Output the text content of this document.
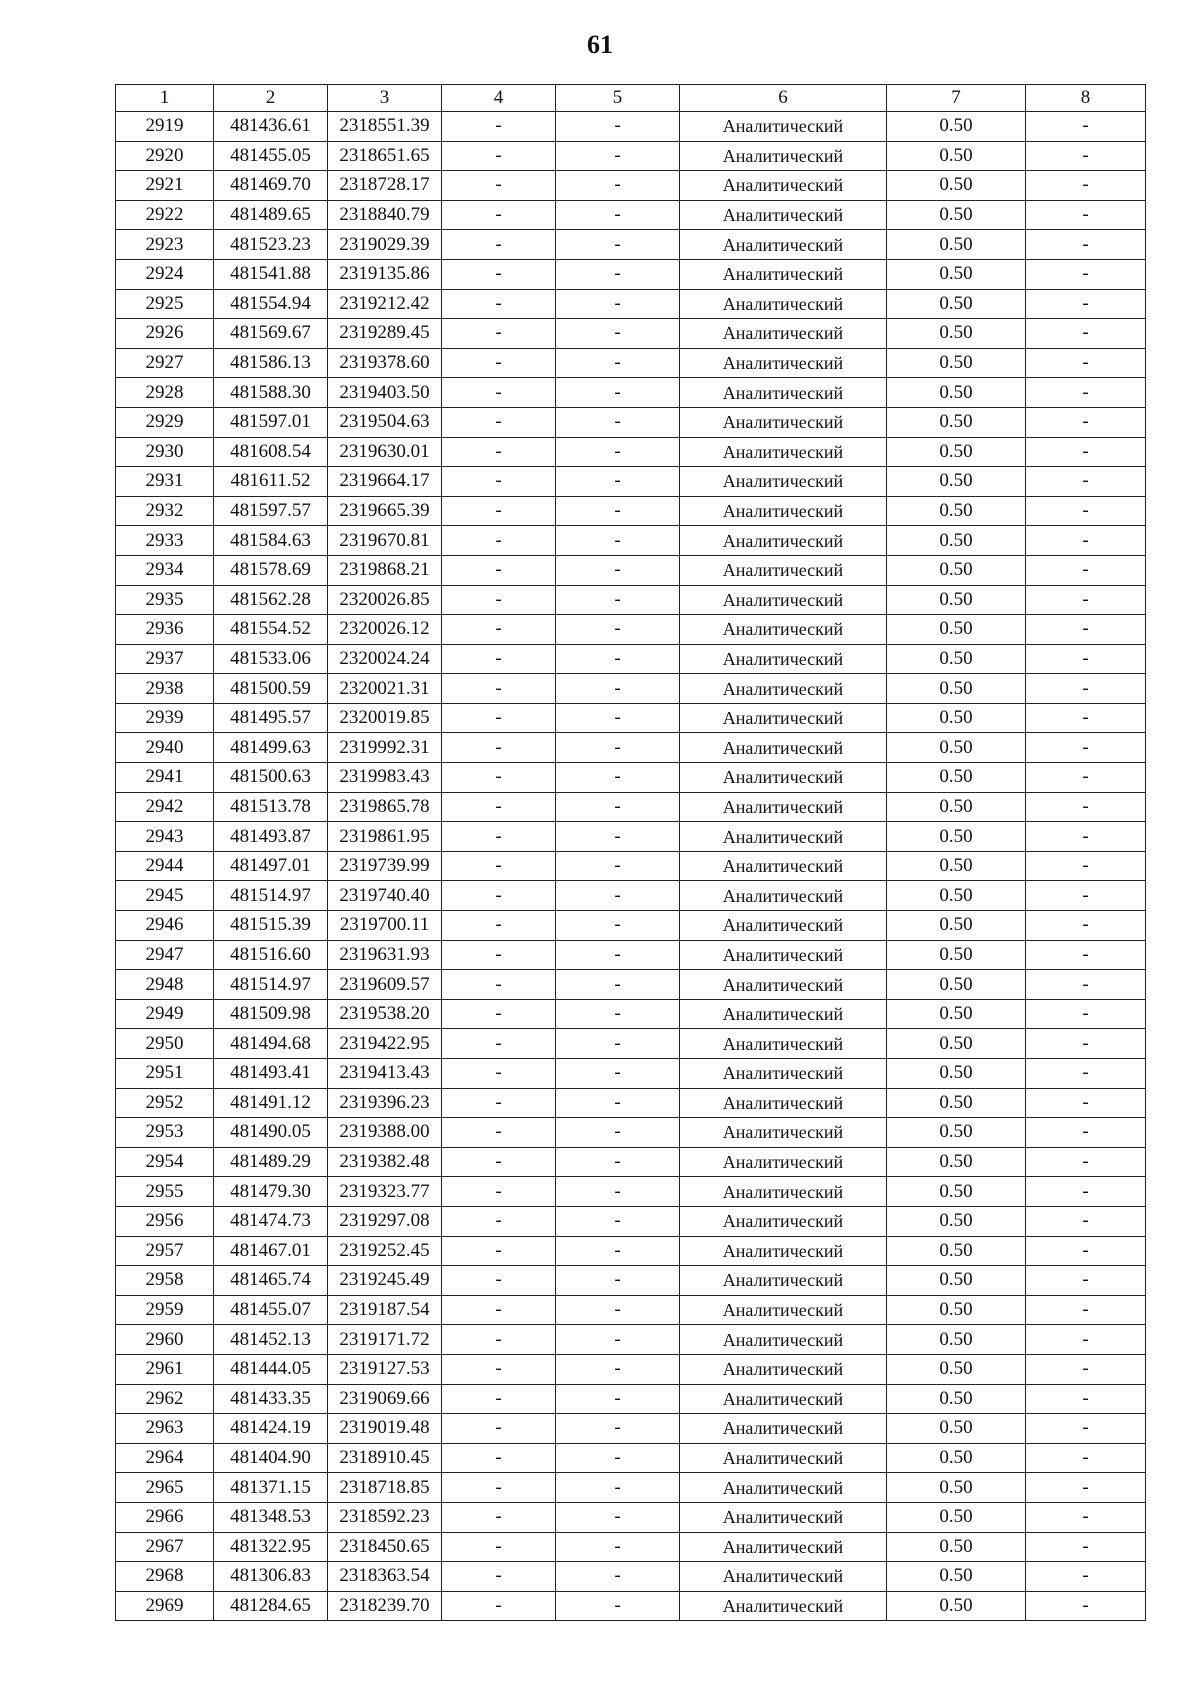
61
1	2	3	4	5	6	7	8
2919	481436.61	2318551.39	-	-	Аналитический	0.50	-
2920	481455.05	2318651.65	-	-	Аналитический	0.50	-
2921	481469.70	2318728.17	-	-	Аналитический	0.50	-
2922	481489.65	2318840.79	-	-	Аналитический	0.50	-
2923	481523.23	2319029.39	-	-	Аналитический	0.50	-
2924	481541.88	2319135.86	-	-	Аналитический	0.50	-
2925	481554.94	2319212.42	-	-	Аналитический	0.50	-
2926	481569.67	2319289.45	-	-	Аналитический	0.50	-
2927	481586.13	2319378.60	-	-	Аналитический	0.50	-
2928	481588.30	2319403.50	-	-	Аналитический	0.50	-
2929	481597.01	2319504.63	-	-	Аналитический	0.50	-
2930	481608.54	2319630.01	-	-	Аналитический	0.50	-
2931	481611.52	2319664.17	-	-	Аналитический	0.50	-
2932	481597.57	2319665.39	-	-	Аналитический	0.50	-
2933	481584.63	2319670.81	-	-	Аналитический	0.50	-
2934	481578.69	2319868.21	-	-	Аналитический	0.50	-
2935	481562.28	2320026.85	-	-	Аналитический	0.50	-
2936	481554.52	2320026.12	-	-	Аналитический	0.50	-
2937	481533.06	2320024.24	-	-	Аналитический	0.50	-
2938	481500.59	2320021.31	-	-	Аналитический	0.50	-
2939	481495.57	2320019.85	-	-	Аналитический	0.50	-
2940	481499.63	2319992.31	-	-	Аналитический	0.50	-
2941	481500.63	2319983.43	-	-	Аналитический	0.50	-
2942	481513.78	2319865.78	-	-	Аналитический	0.50	-
2943	481493.87	2319861.95	-	-	Аналитический	0.50	-
2944	481497.01	2319739.99	-	-	Аналитический	0.50	-
2945	481514.97	2319740.40	-	-	Аналитический	0.50	-
2946	481515.39	2319700.11	-	-	Аналитический	0.50	-
2947	481516.60	2319631.93	-	-	Аналитический	0.50	-
2948	481514.97	2319609.57	-	-	Аналитический	0.50	-
2949	481509.98	2319538.20	-	-	Аналитический	0.50	-
2950	481494.68	2319422.95	-	-	Аналитический	0.50	-
2951	481493.41	2319413.43	-	-	Аналитический	0.50	-
2952	481491.12	2319396.23	-	-	Аналитический	0.50	-
2953	481490.05	2319388.00	-	-	Аналитический	0.50	-
2954	481489.29	2319382.48	-	-	Аналитический	0.50	-
2955	481479.30	2319323.77	-	-	Аналитический	0.50	-
2956	481474.73	2319297.08	-	-	Аналитический	0.50	-
2957	481467.01	2319252.45	-	-	Аналитический	0.50	-
2958	481465.74	2319245.49	-	-	Аналитический	0.50	-
2959	481455.07	2319187.54	-	-	Аналитический	0.50	-
2960	481452.13	2319171.72	-	-	Аналитический	0.50	-
2961	481444.05	2319127.53	-	-	Аналитический	0.50	-
2962	481433.35	2319069.66	-	-	Аналитический	0.50	-
2963	481424.19	2319019.48	-	-	Аналитический	0.50	-
2964	481404.90	2318910.45	-	-	Аналитический	0.50	-
2965	481371.15	2318718.85	-	-	Аналитический	0.50	-
2966	481348.53	2318592.23	-	-	Аналитический	0.50	-
2967	481322.95	2318450.65	-	-	Аналитический	0.50	-
2968	481306.83	2318363.54	-	-	Аналитический	0.50	-
2969	481284.65	2318239.70	-	-	Аналитический	0.50	-
